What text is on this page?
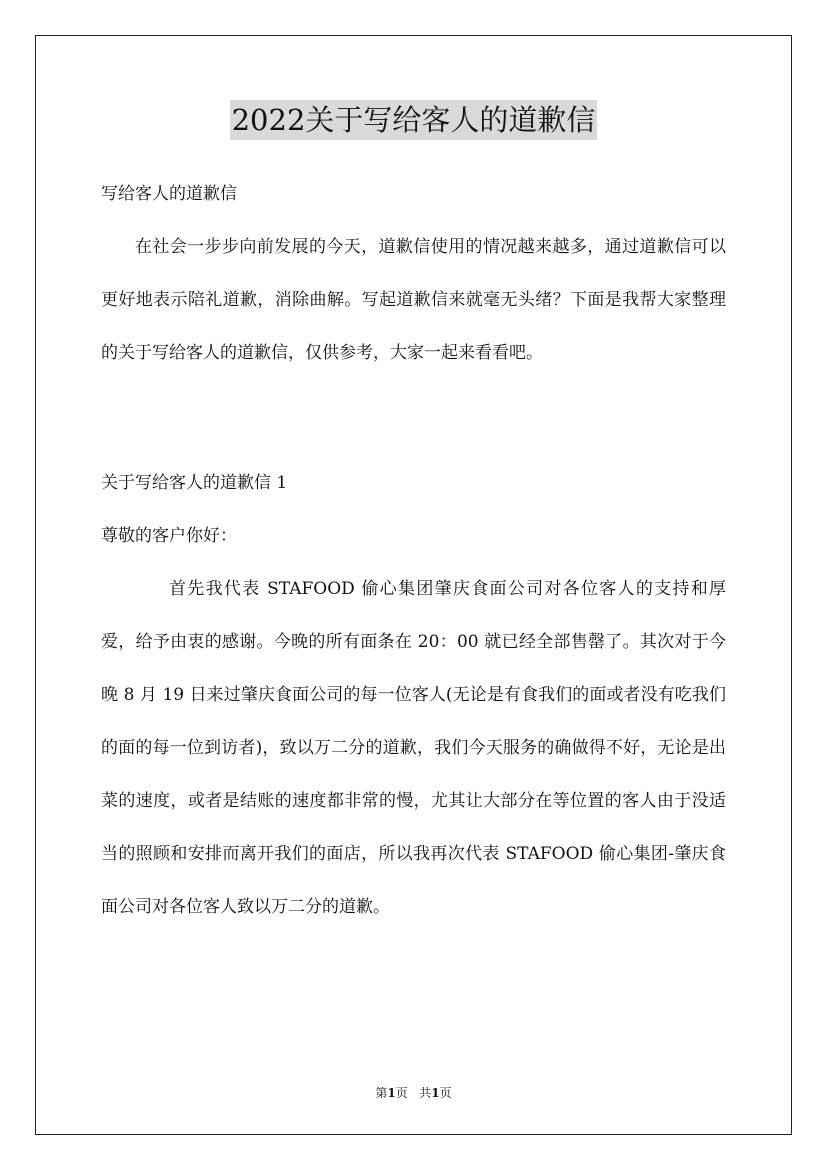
2022关于写给客人的道歉信
写给客人的道歉信

在社会一步步向前发展的今天，道歉信使用的情况越来越多，通过道歉信可以更好地表示陪礼道歉，消除曲解。写起道歉信来就毫无头绪？下面是我帮大家整理的关于写给客人的道歉信，仅供参考，大家一起来看看吧。

关于写给客人的道歉信 1
尊敬的客户你好：

首先我代表 STAFOOD 偷心集团肇庆食面公司对各位客人的支持和厚爱，给予由衷的感谢。今晚的所有面条在 20：00 就已经全部售罄了。其次对于今晚 8 月 19 日来过肇庆食面公司的每一位客人(无论是有食我们的面或者没有吃我们的面的每一位到访者)，致以万二分的道歉，我们今天服务的确做得不好，无论是出菜的速度，或者是结账的速度都非常的慢，尤其让大部分在等位置的客人由于没适当的照顾和安排而离开我们的面店，所以我再次代表 STAFOOD 偷心集团-肇庆食面公司对各位客人致以万二分的道歉。

第1页 共1页
